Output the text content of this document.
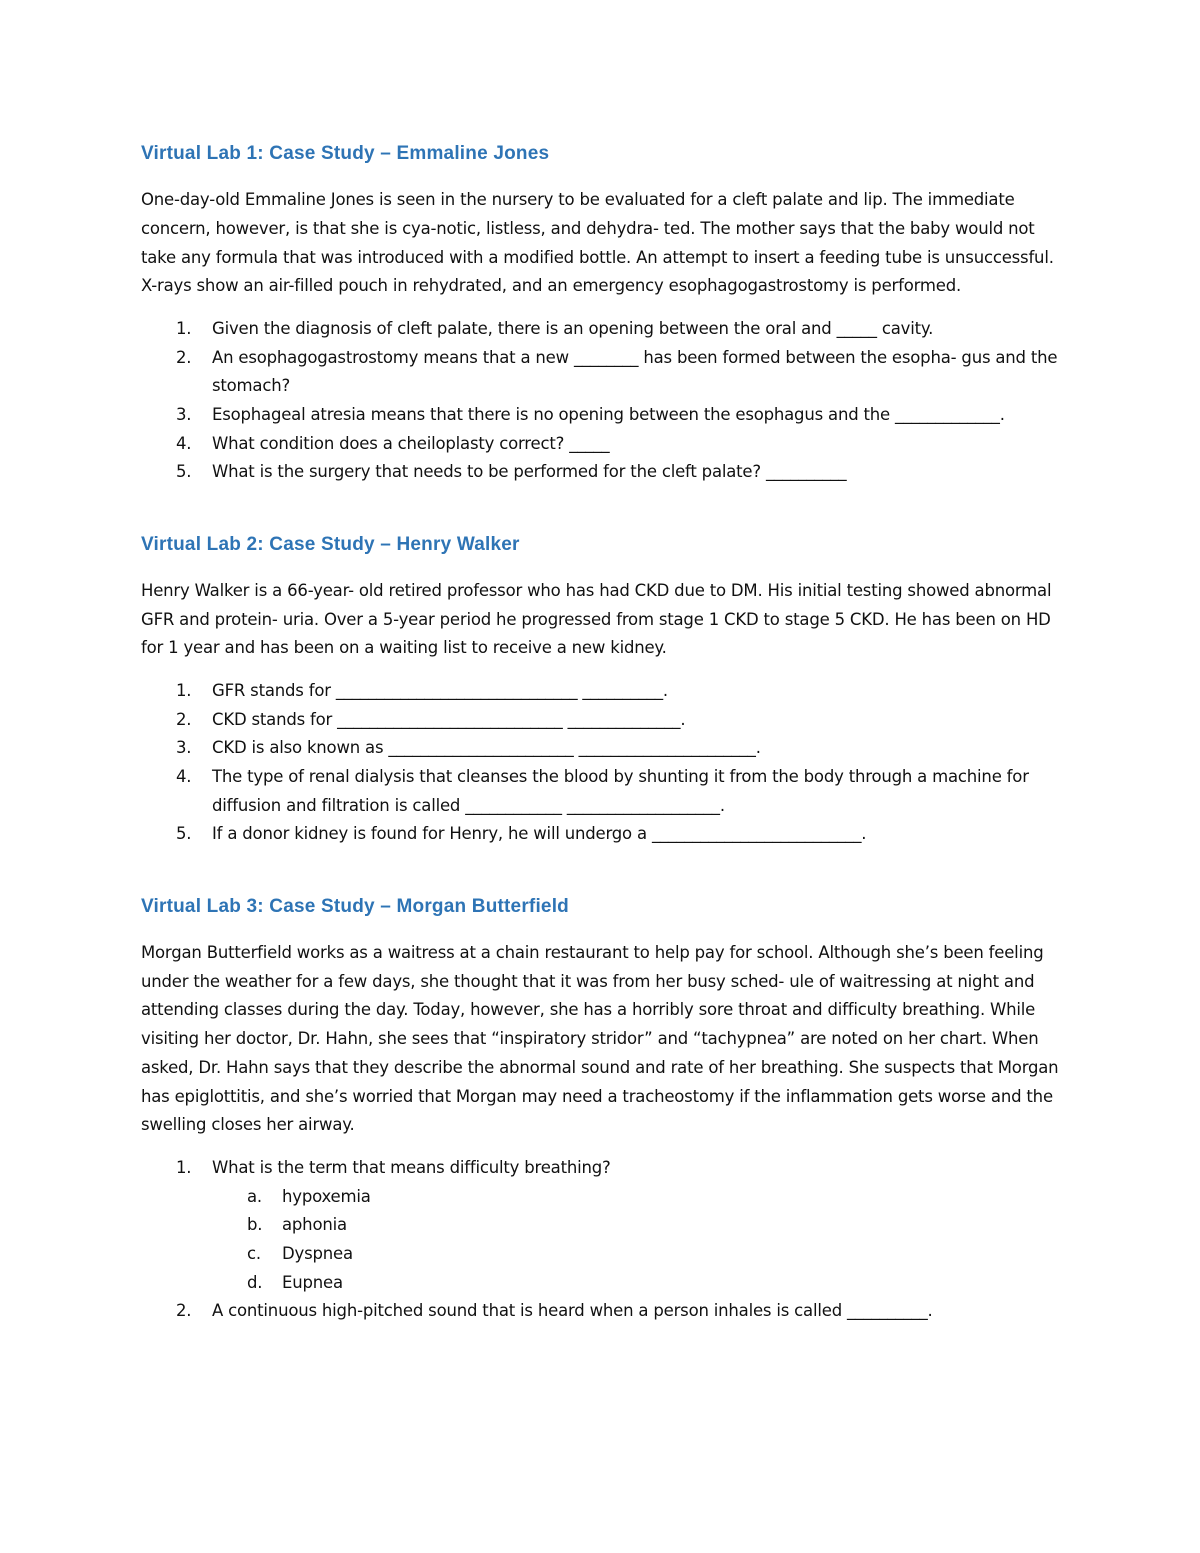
Virtual Lab 1: Case Study – Emmaline Jones

One-day-old Emmaline Jones is seen in the nursery to be evaluated for a cleft palate and lip. The immediate concern, however, is that she is cya-notic, listless, and dehydra- ted. The mother says that the baby would not take any formula that was introduced with a modified bottle. An attempt to insert a feeding tube is unsuccessful. X-rays show an air-filled pouch in rehydrated, and an emergency esophagogastrostomy is performed.

1. Given the diagnosis of cleft palate, there is an opening between the oral and _____ cavity.
2. An esophagogastrostomy means that a new ________ has been formed between the esopha- gus and the stomach?
3. Esophageal atresia means that there is no opening between the esophagus and the _____________.
4. What condition does a cheiloplasty correct? _____
5. What is the surgery that needs to be performed for the cleft palate? __________
Virtual Lab 2: Case Study – Henry Walker

Henry Walker is a 66-year- old retired professor who has had CKD due to DM. His initial testing showed abnormal GFR and protein- uria. Over a 5-year period he progressed from stage 1 CKD to stage 5 CKD. He has been on HD for 1 year and has been on a waiting list to receive a new kidney.

1. GFR stands for ______________________________ __________.
2. CKD stands for ____________________________ ______________.
3. CKD is also known as _______________________ ______________________.
4. The type of renal dialysis that cleanses the blood by shunting it from the body through a machine for diffusion and filtration is called ____________ ___________________.
5. If a donor kidney is found for Henry, he will undergo a __________________________.
Virtual Lab 3: Case Study – Morgan Butterfield

Morgan Butterfield works as a waitress at a chain restaurant to help pay for school. Although she’s been feeling under the weather for a few days, she thought that it was from her busy sched- ule of waitressing at night and attending classes during the day. Today, however, she has a horribly sore throat and difficulty breathing. While visiting her doctor, Dr. Hahn, she sees that “inspiratory stridor” and “tachypnea” are noted on her chart. When asked, Dr. Hahn says that they describe the abnormal sound and rate of her breathing. She suspects that Morgan has epiglottitis, and she’s worried that Morgan may need a tracheostomy if the inflammation gets worse and the swelling closes her airway.

1. What is the term that means difficulty breathing?
a. hypoxemia
b. aphonia
c. Dyspnea
d. Eupnea
2. A continuous high-pitched sound that is heard when a person inhales is called __________.
